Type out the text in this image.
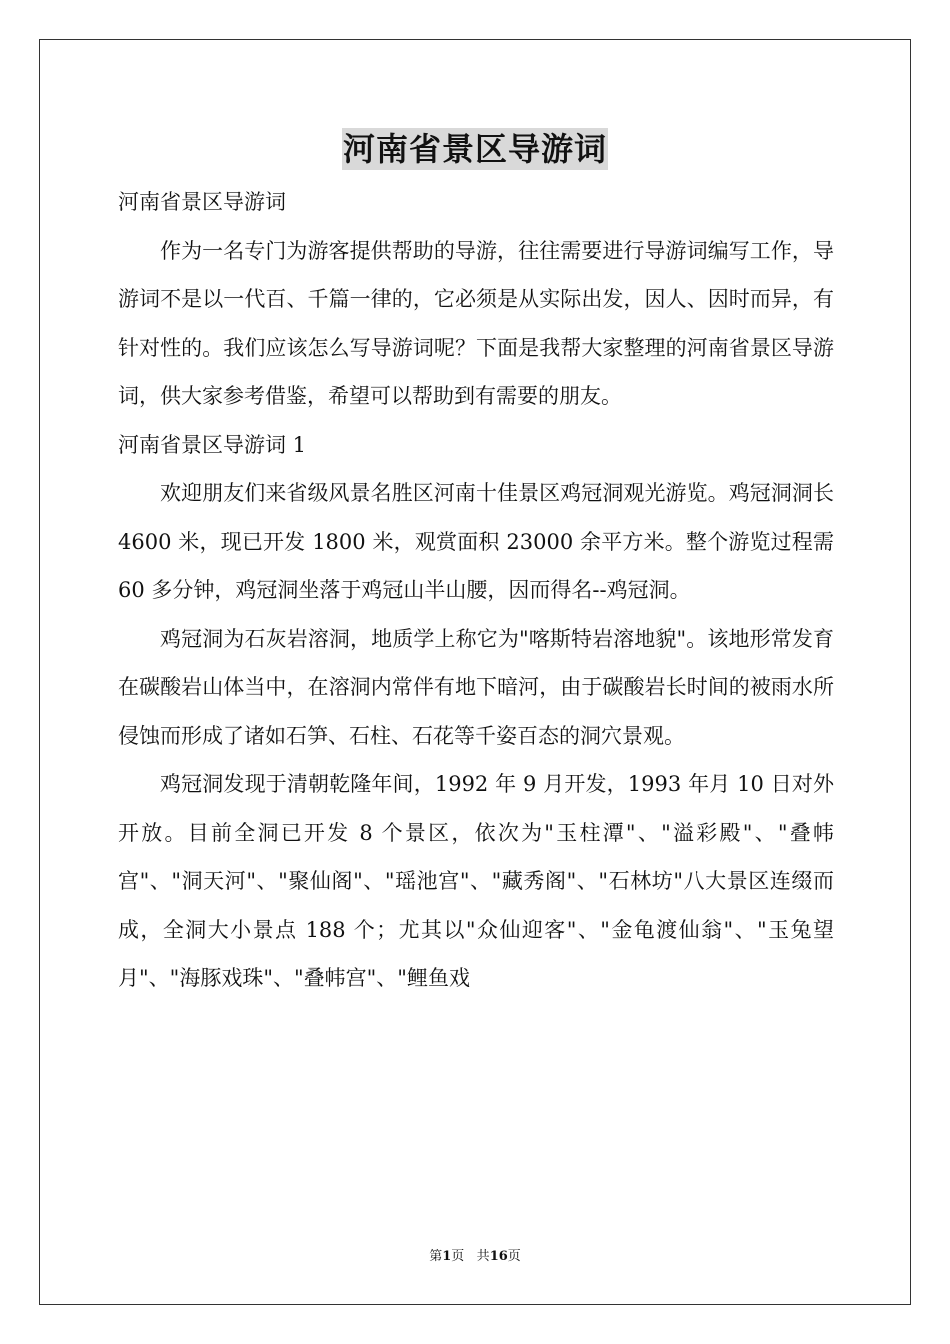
河南省景区导游词

河南省景区导游词

作为一名专门为游客提供帮助的导游，往往需要进行导游词编写工作，导游词不是以一代百、千篇一律的，它必须是从实际出发，因人、因时而异，有针对性的。我们应该怎么写导游词呢？下面是我帮大家整理的河南省景区导游词，供大家参考借鉴，希望可以帮助到有需要的朋友。

河南省景区导游词 1

欢迎朋友们来省级风景名胜区河南十佳景区鸡冠洞观光游览。鸡冠洞洞长 4600 米，现已开发 1800 米，观赏面积 23000 余平方米。整个游览过程需 60 多分钟，鸡冠洞坐落于鸡冠山半山腰，因而得名--鸡冠洞。

鸡冠洞为石灰岩溶洞，地质学上称它为"喀斯特岩溶地貌"。该地形常发育在碳酸岩山体当中，在溶洞内常伴有地下暗河，由于碳酸岩长时间的被雨水所侵蚀而形成了诸如石笋、石柱、石花等千姿百态的洞穴景观。

鸡冠洞发现于清朝乾隆年间，1992 年 9 月开发，1993 年月 10 日对外开放。目前全洞已开发 8 个景区，依次为"玉柱潭"、"溢彩殿"、"叠帏宫"、"洞天河"、"聚仙阁"、"瑶池宫"、"藏秀阁"、"石林坊"八大景区连缀而成，全洞大小景点 188 个；尤其以"众仙迎客"、"金龟渡仙翁"、"玉兔望月"、"海豚戏珠"、"叠帏宫"、"鲤鱼戏

第1页 共16页
